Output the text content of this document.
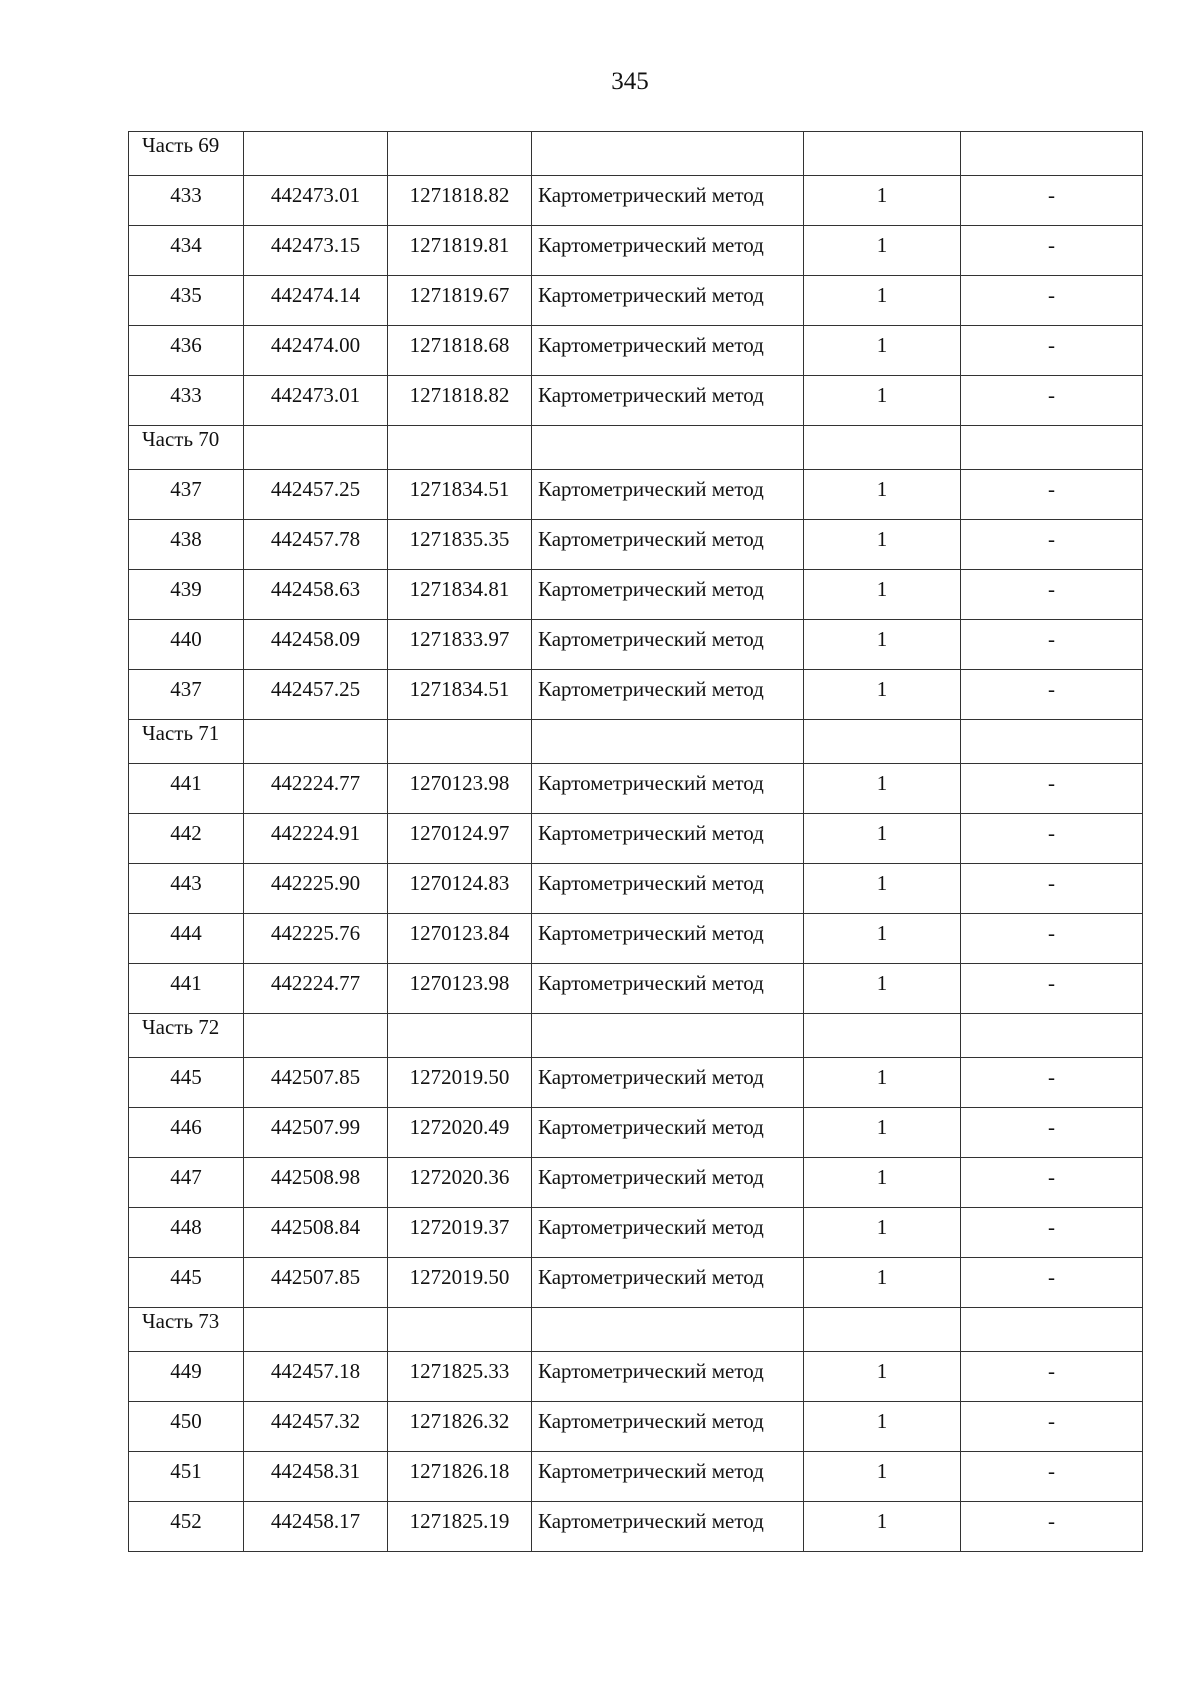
345
Часть 69					
433	442473.01	1271818.82	Картометрический метод	1	-
434	442473.15	1271819.81	Картометрический метод	1	-
435	442474.14	1271819.67	Картометрический метод	1	-
436	442474.00	1271818.68	Картометрический метод	1	-
433	442473.01	1271818.82	Картометрический метод	1	-
Часть 70					
437	442457.25	1271834.51	Картометрический метод	1	-
438	442457.78	1271835.35	Картометрический метод	1	-
439	442458.63	1271834.81	Картометрический метод	1	-
440	442458.09	1271833.97	Картометрический метод	1	-
437	442457.25	1271834.51	Картометрический метод	1	-
Часть 71					
441	442224.77	1270123.98	Картометрический метод	1	-
442	442224.91	1270124.97	Картометрический метод	1	-
443	442225.90	1270124.83	Картометрический метод	1	-
444	442225.76	1270123.84	Картометрический метод	1	-
441	442224.77	1270123.98	Картометрический метод	1	-
Часть 72					
445	442507.85	1272019.50	Картометрический метод	1	-
446	442507.99	1272020.49	Картометрический метод	1	-
447	442508.98	1272020.36	Картометрический метод	1	-
448	442508.84	1272019.37	Картометрический метод	1	-
445	442507.85	1272019.50	Картометрический метод	1	-
Часть 73					
449	442457.18	1271825.33	Картометрический метод	1	-
450	442457.32	1271826.32	Картометрический метод	1	-
451	442458.31	1271826.18	Картометрический метод	1	-
452	442458.17	1271825.19	Картометрический метод	1	-
